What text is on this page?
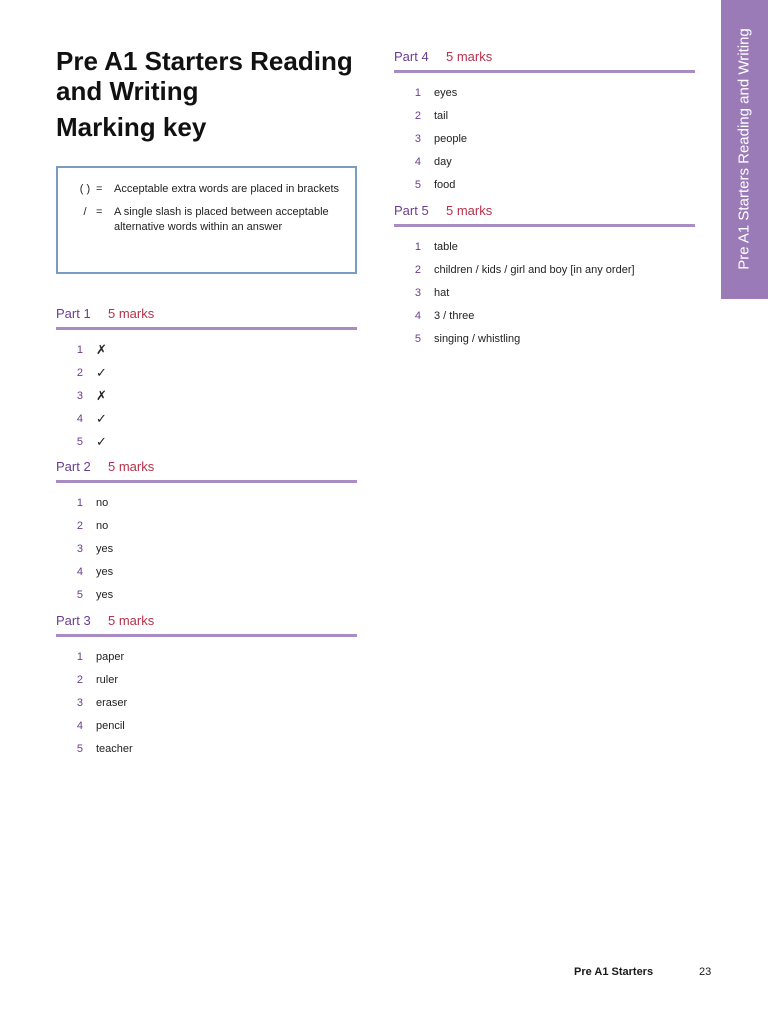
Pre A1 Starters Reading
and Writing
Marking key
( ) =	Acceptable extra words are placed in brackets
/ =	A single slash is placed between acceptable alternative words within an answer
Part 1	5 marks
1	✗
2	✓
3	✗
4	✓
5	✓
Part 2	5 marks
1	no
2	no
3	yes
4	yes
5	yes
Part 3	5 marks
1	paper
2	ruler
3	eraser
4	pencil
5	teacher
Part 4	5 marks
1	eyes
2	tail
3	people
4	day
5	food
Part 5	5 marks
1	table
2	children / kids / girl and boy [in any order]
3	hat
4	3 / three
5	singing / whistling
Pre A1 Starters Reading and Writing
Pre A1 Starters	23
